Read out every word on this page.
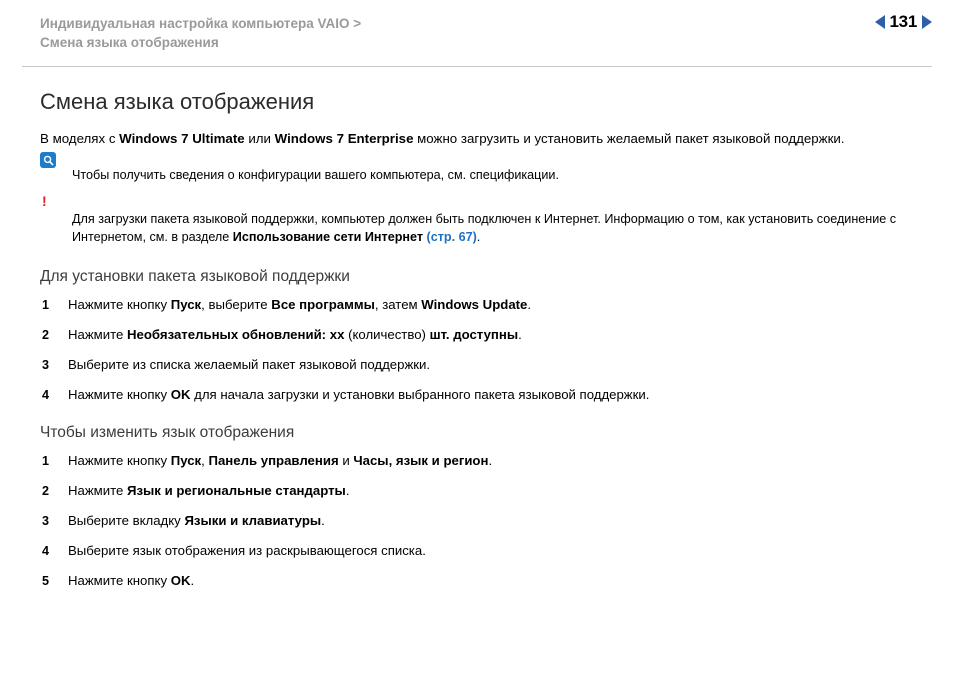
Индивидуальная настройка компьютера VAIO >
Смена языка отображения
131
Смена языка отображения

В моделях с Windows 7 Ultimate или Windows 7 Enterprise можно загрузить и установить желаемый пакет языковой поддержки.

Чтобы получить сведения о конфигурации вашего компьютера, см. спецификации.

!

Для загрузки пакета языковой поддержки, компьютер должен быть подключен к Интернет. Информацию о том, как установить соединение с Интернетом, см. в разделе Использование сети Интернет (стр. 67).

Для установки пакета языковой поддержки
1 Нажмите кнопку Пуск, выберите Все программы, затем Windows Update.
2 Нажмите Необязательных обновлений: xx (количество) шт. доступны.
3 Выберите из списка желаемый пакет языковой поддержки.
4 Нажмите кнопку OK для начала загрузки и установки выбранного пакета языковой поддержки.
Чтобы изменить язык отображения
1 Нажмите кнопку Пуск, Панель управления и Часы, язык и регион.
2 Нажмите Язык и региональные стандарты.
3 Выберите вкладку Языки и клавиатуры.
4 Выберите язык отображения из раскрывающегося списка.
5 Нажмите кнопку OK.
